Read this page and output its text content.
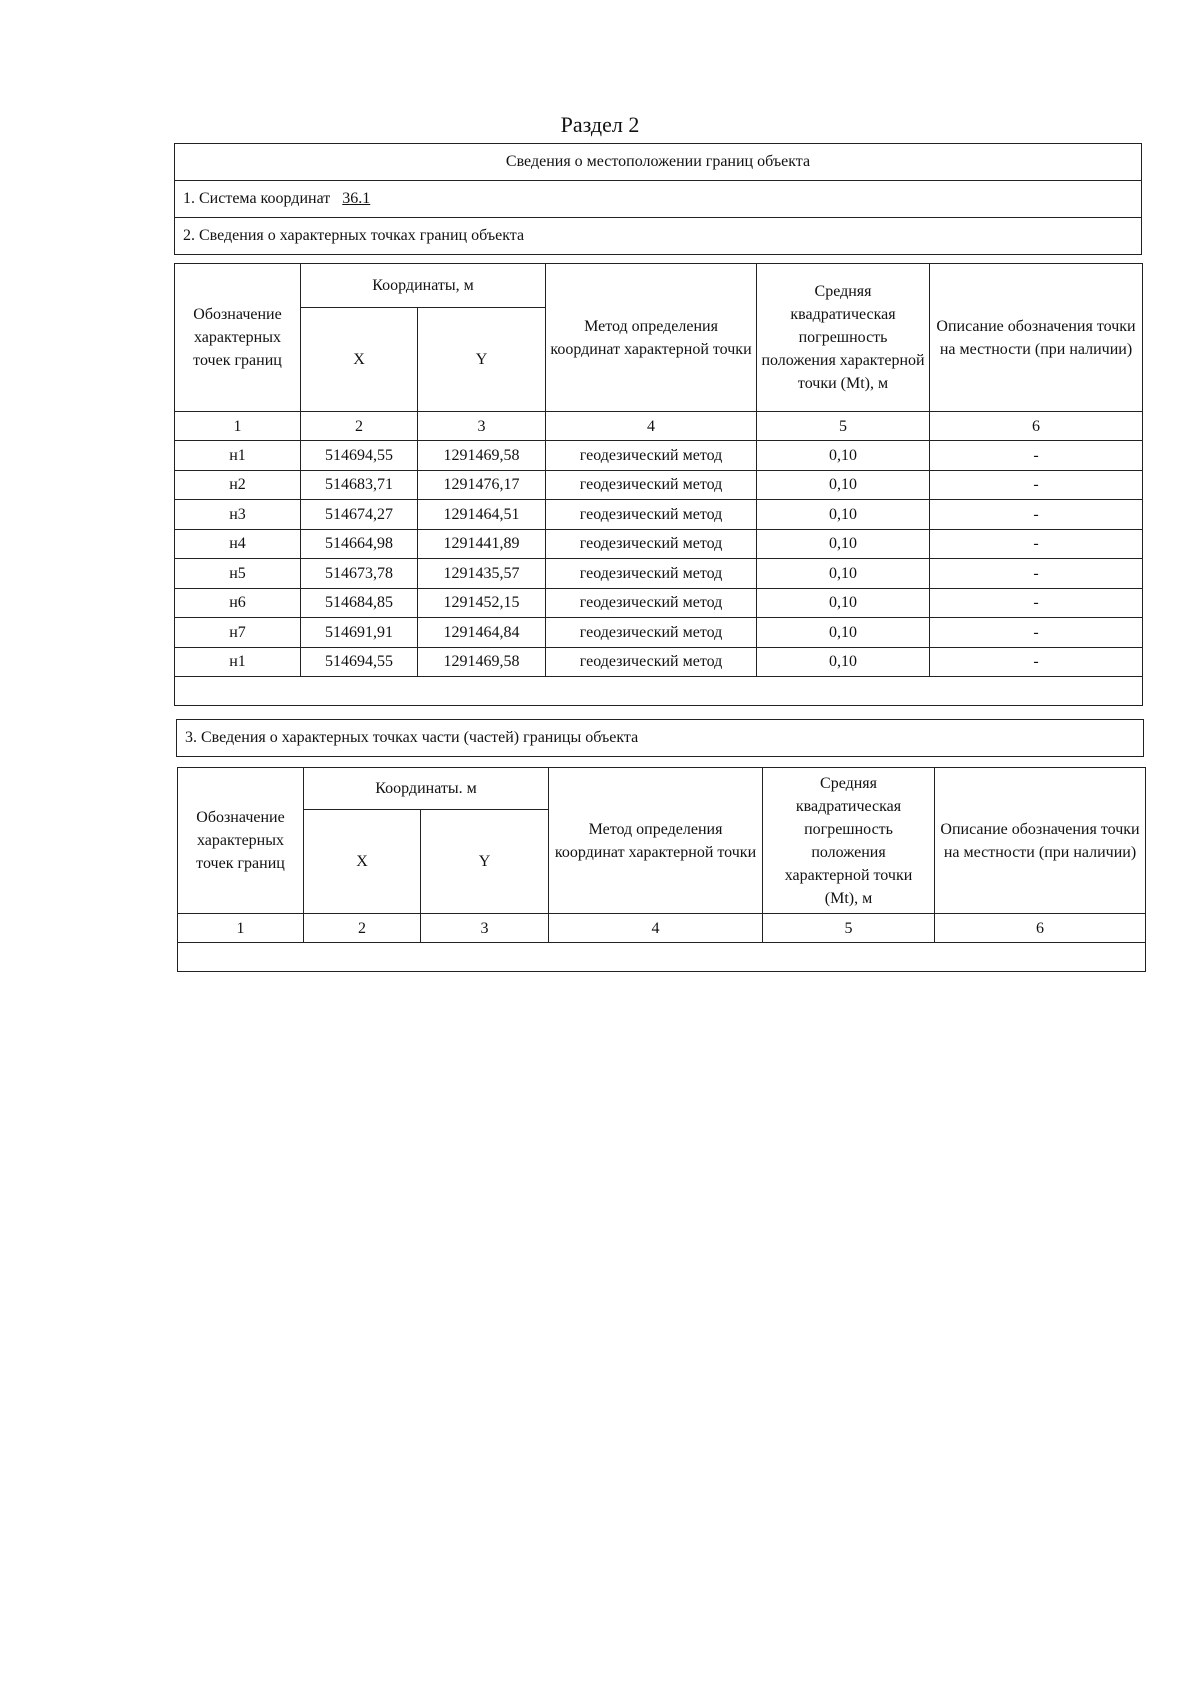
Раздел 2
Сведения о местоположении границ объекта
1. Система координат 36.1
2. Сведения о характерных точках границ объекта
Обозначение характерных точек границ	Координаты, м		Метод определения координат характерной точки	Средняя квадратическая погрешность положения характерной точки (Mt), м	Описание обозначения точки на местности (при наличии)
	X	Y			
1	2	3	4	5	6
н1	514694,55	1291469,58	геодезический метод	0,10	-
н2	514683,71	1291476,17	геодезический метод	0,10	-
н3	514674,27	1291464,51	геодезический метод	0,10	-
н4	514664,98	1291441,89	геодезический метод	0,10	-
н5	514673,78	1291435,57	геодезический метод	0,10	-
н6	514684,85	1291452,15	геодезический метод	0,10	-
н7	514691,91	1291464,84	геодезический метод	0,10	-
н1	514694,55	1291469,58	геодезический метод	0,10	-

3. Сведения о характерных точках части (частей) границы объекта
Обозначение характерных точек границ	Координаты. м		Метод определения координат характерной точки	Средняя квадратическая погрешность положения характерной точки (Mt), м	Описание обозначения точки на местности (при наличии)
	X	Y			
1	2	3	4	5	6
